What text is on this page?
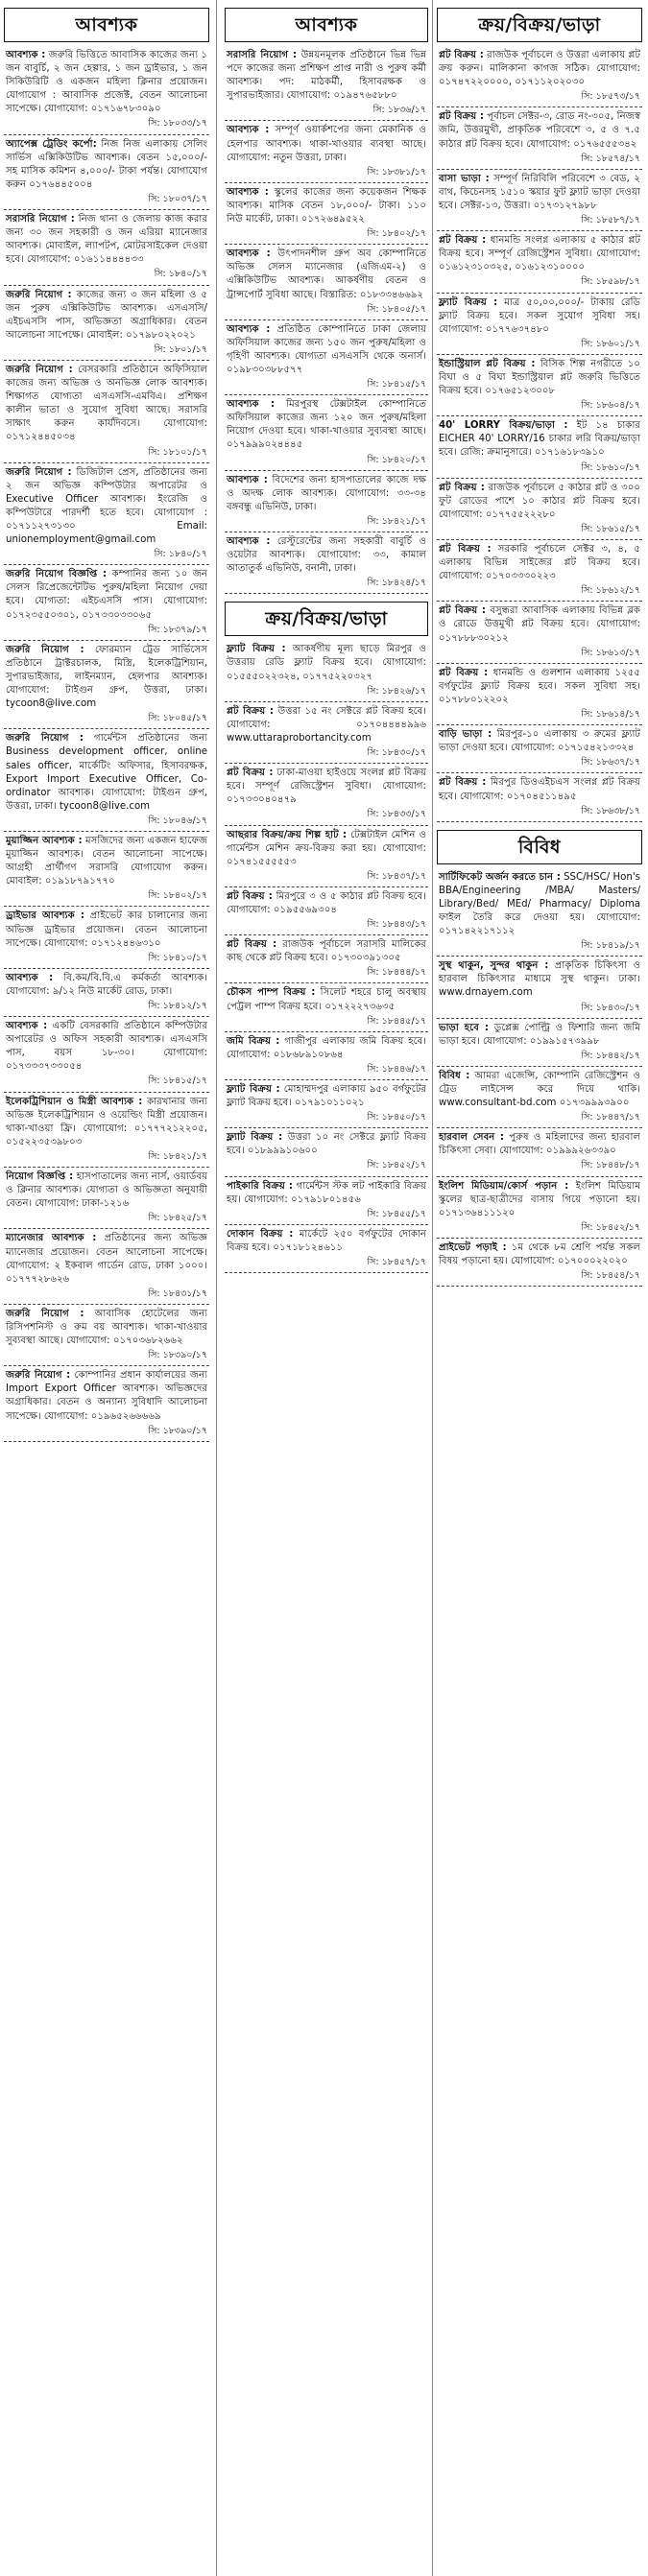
আবশ্যক
আবশ্যক : জরুরি ভিত্তিতে আবাসিক কাজের জন্য ১ জন বাবুর্চি, ২ জন হেল্পার, ১ জন ড্রাইভার, ১ জন সিকিউরিটি ও একজন মহিলা ক্লিনার প্রয়োজন। যোগাযোগ : আবাসিক প্রজেক্ট, বেতন আলোচনা সাপেক্ষে। যোগাযোগ: ০১৭১৬৭৮৩০৯০
সি: ১৮০৩৩/১৭
অ্যাপেক্স ট্রেডিং কর্পো: নিজ নিজ এলাকায় সেলিং সার্ভিস এক্সিকিউটিভ আবশ্যক। বেতন ১৫,০০০/- সহ মাসিক কমিশন ৪,০০০/- টাকা পর্যন্ত। যোগাযোগ করুন ০১৭৬৪৪৫০০৪
সি: ১৮০৩৭/১৭
সরাসরি নিয়োগ : নিজ থানা ও জেলায় কাজ করার জন্য ৩০ জন সহকারী ও জন এরিয়া ম্যানেজার আবশ্যক। মোবাইল, ল্যাপটপ, মোটরসাইকেল দেওয়া হবে। যোগাযোগ: ০১৬১১৪৪৪৪৩৩
সি: ১৮৪০/১৭
জরুরি নিয়োগ : কাজের জন্য ৩ জন মহিলা ও ৫ জন পুরুষ এক্সিকিউটিভ আবশ্যক। এসএসসি/এইচএসসি পাস, অভিজ্ঞতা অগ্রাধিকার। বেতন আলোচনা সাপেক্ষে। মোবাইল: ০১৭৯৮০২২০২১
সি: ১৮০১/১৭
জরুরি নিয়োগ : বেসরকারি প্রতিষ্ঠানে অফিসিয়াল কাজের জন্য অভিজ্ঞ ও অনভিজ্ঞ লোক আবশ্যক। শিক্ষাগত যোগ্যতা এসএসসি-এমবিএ। প্রশিক্ষণ কালীন ভাতা ও সুযোগ সুবিধা আছে। সরাসরি সাক্ষাৎ করুন কার্যদিবসে। যোগাযোগ: ০১৭১২৪৪৫০৩৪
সি: ১৮১০১/১৭
জরুরি নিয়োগ : ডিজিটাল প্রেস, প্রতিষ্ঠানের জন্য ২ জন অভিজ্ঞ কম্পিউটার অপারেটর ও Executive Officer আবশ্যক। ইংরেজি ও কম্পিউটারে পারদর্শী হতে হবে। যোগাযোগ : ০১৭১১২৭৩১৩০ Email: unionemployment@gmail.com
সি: ১৮৪০/১৭
জরুরি নিয়োগ বিজ্ঞপ্তি : কম্পানির জন্য ১০ জন সেলস রিপ্রেজেন্টেটিভ পুরুষ/মহিলা নিয়োগ দেয়া হবে। যোগ্যতা: এইচএসসি পাস। যোগাযোগ: ০১৭২৩৫৫০৩০১, ০১৭৩৩০৩৩০৬৫
সি: ১৮৩৭৯/১৭
জরুরি নিয়োগ : ফোরম্যান ট্রেড সার্ভিসেস প্রতিষ্ঠানে ট্রাক্টরচালক, মিস্ত্রি, ইলেকট্রিশিয়ান, সুপারভাইজার, লাইনম্যান, হেলপার আবশ্যক। যোগাযোগ: টাইগুন গ্রুপ, উত্তরা, ঢাকা। tycoon8@live.com
সি: ১৮০৪৫/১৭
জরুরি নিয়োগ : গার্মেন্টস প্রতিষ্ঠানের জন্য Business development officer, online sales officer, মার্কেটিং অফিসার, হিসাবরক্ষক, Export Import Executive Officer, Co-ordinator আবশ্যক। যোগাযোগ: টাইগুন গ্রুপ, উত্তরা, ঢাকা। tycoon8@live.com
সি: ১৮০৪৬/১৭
মুয়াজ্জিন আবশ্যক : মসজিদের জন্য একজন হাফেজ মুয়াজ্জিন আবশ্যক। বেতন আলোচনা সাপেক্ষে। আগ্রহী প্রার্থীগণ সরাসরি যোগাযোগ করুন। মোবাইল: ০১৯১৮৭৯১৭৭০
সি: ১৮৪০২/১৭
ড্রাইভার আবশ্যক : প্রাইভেট কার চালানোর জন্য অভিজ্ঞ ড্রাইভার প্রয়োজন। বেতন আলোচনা সাপেক্ষে। যোগাযোগ: ০১৭১২৪৪৬৩১০
সি: ১৮৪১০/১৭
আবশ্যক : বি.কম/বি.বি.এ কর্মকর্তা আবশ্যক। যোগাযোগ: ৯/১২ নিউ মার্কেট রোড, ঢাকা।
সি: ১৮৪১২/১৭
আবশ্যক : একটি বেসরকারি প্রতিষ্ঠানে কম্পিউটার অপারেটর ও অফিস সহকারী আবশ্যক। এসএসসি পাস, বয়স ১৮-৩০। যোগাযোগ: ০১৭৩৩৩৭৩৩০৫৪
সি: ১৮৪১৫/১৭
ইলেকট্রিশিয়ান ও মিস্ত্রী আবশ্যক : কারখানার জন্য অভিজ্ঞ ইলেকট্রিশিয়ান ও ওয়েল্ডিং মিস্ত্রী প্রয়োজন। থাকা-খাওয়া ফ্রি। যোগাযোগ: ০১৭৭৭২১২২০৫, ০১৫২২৩৫৩৯৮০৩
সি: ১৮৪২১/১৭
নিয়োগ বিজ্ঞপ্তি : হাসপাতালের জন্য নার্স, ওয়ার্ডবয় ও ক্লিনার আবশ্যক। যোগ্যতা ও অভিজ্ঞতা অনুযায়ী বেতন। যোগাযোগ: ঢাকা-১২১৬
সি: ১৮৪২৫/১৭
ম্যানেজার আবশ্যক : প্রতিষ্ঠানের জন্য অভিজ্ঞ ম্যানেজার প্রয়োজন। বেতন আলোচনা সাপেক্ষে। যোগাযোগ: ২ ইকবাল গার্ডেন রোড, ঢাকা ১০০০। ০১৭৭৭২৮৬২৬
সি: ১৮৪৩১/১৭
জরুরি নিয়োগ : আবাসিক হোটেলের জন্য রিসিপশনিস্ট ও রুম বয় আবশ্যক। থাকা-খাওয়ার সুব্যবস্থা আছে। যোগাযোগ: ০১৭০৩৬৮২৬৬২
সি: ১৮৩৯০/১৭
জরুরি নিয়োগ : কোম্পানির প্রধান কার্যালয়ের জন্য Import Export Officer আবশ্যক। অভিজ্ঞদের অগ্রাধিকার। বেতন ও অন্যান্য সুবিধাদি আলোচনা সাপেক্ষে। যোগাযোগ: ০১৯৬৫২৬৬৬৬৯
সি: ১৮৩৯০/১৭
আবশ্যক
সরাসরি নিয়োগ : উন্নয়নমূলক প্রতিষ্ঠানে ভিন্ন ভিন্ন পদে কাজের জন্য প্রশিক্ষণ প্রাপ্ত নারী ও পুরুষ কর্মী আবশ্যক। পদ: মাঠকর্মী, হিসাবরক্ষক ও সুপারভাইজার। যোগাযোগ: ০১৯৪৭৬৫৮৮০
সি: ১৮৩৬/১৭
আবশ্যক : সম্পূর্ণ ওয়ার্কশপের জন্য মেকানিক ও হেলপার আবশ্যক। থাকা-খাওয়ার ব্যবস্থা আছে। যোগাযোগ: নতুন উত্তরা, ঢাকা।
সি: ১৮৩৮১/১৭
আবশ্যক : স্কুলের কাজের জন্য কয়েকজন শিক্ষক আবশ্যক। মাসিক বেতন ১৮,০০০/- টাকা। ১১০ নিউ মার্কেট, ঢাকা। ০১৭২৬৪৯৫২২
সি: ১৮৪০২/১৭
আবশ্যক : উৎপাদনশীল গ্রুপ অব কোম্পানিতে অভিজ্ঞ সেলস ম্যানেজার (এজিএম-২) ও এক্সিকিউটিভ আবশ্যক। আকর্ষণীয় বেতন ও ট্রান্সপোর্ট সুবিধা আছে। বিস্তারিত: ০১৮৩৩৪৬৬৯২
সি: ১৮৪০৫/১৭
আবশ্যক : প্রতিষ্ঠিত কোম্পানিতে ঢাকা জেলায় অফিসিয়াল কাজের জন্য ১৫০ জন পুরুষ/মহিলা ও গৃহিণী আবশ্যক। যোগ্যতা এসএসসি থেকে অনার্স। ০১৯৮৩০৩৮৮৫৭৭
সি: ১৮৪১৫/১৭
আবশ্যক : মিরপুরস্থ টেক্সটাইল কোম্পানিতে অফিসিয়াল কাজের জন্য ১২০ জন পুরুষ/মহিলা নিয়োগ দেওয়া হবে। থাকা-খাওয়ার সুব্যবস্থা আছে। ০১৭৯৯৯০২৪৪৪৫
সি: ১৮৪২০/১৭
আবশ্যক : বিদেশের জন্য হাসপাতালের কাজে দক্ষ ও অদক্ষ লোক আবশ্যক। যোগাযোগ: ৩৩-৩৪ বঙ্গবন্ধু এভিনিউ, ঢাকা।
সি: ১৮৪২১/১৭
আবশ্যক : রেস্টুরেন্টের জন্য সহকারী বাবুর্চি ও ওয়েটার আবশ্যক। যোগাযোগ: ৩৩, কামাল আতাতুর্ক এভিনিউ, বনানী, ঢাকা।
সি: ১৮৪২৪/১৭
ক্রয়/বিক্রয়/ভাড়া
ফ্ল্যাট বিক্রয় : আকর্ষণীয় মূল্য ছাড়ে মিরপুর ও উত্তরায় রেডি ফ্ল্যাট বিক্রয় হবে। যোগাযোগ: ০১৫৫৫০২২৩২৪, ০১৭৭৫২২০৩২৭
সি: ১৮৪২৬/১৭
প্লট বিক্রয় : উত্তরা ১৫ নং সেক্টরে প্লট বিক্রয় হবে। যোগাযোগ: ০১৭০৪৪৪৪৯৯৬ www.uttaraprobortancity.com
সি: ১৮৪৩০/১৭
প্লট বিক্রয় : ঢাকা-মাওয়া হাইওয়ে সংলগ্ন প্লট বিক্রয় হবে। সম্পূর্ণ রেজিস্ট্রেশন সুবিধা। যোগাযোগ: ০১৭৩৩০৪০৪৭৯
সি: ১৮৪৩৩/১৭
আছরার বিক্রয়/ক্রয় শিল্প হাট : টেক্সটাইল মেশিন ও গার্মেন্টস মেশিন ক্রয়-বিক্রয় করা হয়। যোগাযোগ: ০১৭৪১৫৫৫৫৫৩
সি: ১৮৪৩৭/১৭
প্লট বিক্রয় : মিরপুরে ৩ ও ৫ কাঠার প্লট বিক্রয় হবে। যোগাযোগ: ০১৯৫৫৬৯৩০৪
সি: ১৮৪৪৩/১৭
প্লট বিক্রয় : রাজউক পূর্বাচলে সরাসরি মালিকের কাছ থেকে প্লট বিক্রয় হবে। ০১৭৩০৩৯১৩০৫
সি: ১৮৪৪৪/১৭
চৌকস পাম্প বিক্রয় : সিলেট শহরে চালু অবস্থায় পেট্রল পাম্প বিক্রয় হবে। ০১৭২২২৭৩৬৩৫
সি: ১৮৪৪৫/১৭
জমি বিক্রয় : গাজীপুর এলাকায় জমি বিক্রয় হবে। যোগাযোগ: ০১৮৬৮৯১০৮৬৪
সি: ১৮৪৪৬/১৭
ফ্ল্যাট বিক্রয় : মোহাম্মদপুর এলাকায় ৯৫০ বর্গফুটের ফ্ল্যাট বিক্রয় হবে। ০১৭৯১০১১০২১
সি: ১৮৪৫০/১৭
ফ্ল্যাট বিক্রয় : উত্তরা ১০ নং সেক্টরে ফ্ল্যাট বিক্রয় হবে। ০১৮৯৯৯১০৬০০
সি: ১৮৪৫২/১৭
পাইকারি বিক্রয় : গার্মেন্টস স্টক লট পাইকারি বিক্রয় হয়। যোগাযোগ: ০১৭৯১৮০১৪৫৬
সি: ১৮৪৫৫/১৭
দোকান বিক্রয় : মার্কেটে ২৫০ বর্গফুটের দোকান বিক্রয় হবে। ০১৭১৮১২৪৬১১
সি: ১৮৪৫৭/১৭
ক্রয়/বিক্রয়/ভাড়া
প্লট বিক্রয় : রাজউক পূর্বাচলে ও উত্তরা এলাকায় প্লট ক্রয় করুন। মালিকানা কাগজ সঠিক। যোগাযোগ: ০১৭৪৭২২০০০০, ০১৭১১২০২০৩০
সি: ১৮৫৭৩/১৭
প্লট বিক্রয় : পূর্বাচল সেক্টর-৩, রোড নং-৩০৫, নিজস্ব জমি, উত্তরমুখী, প্রাকৃতিক পরিবেশে ৩, ৫ ও ৭.৫ কাঠার প্লট বিক্রয় হবে। যোগাযোগ: ০১৭৬৫৫৫৩৪২
সি: ১৮৫৭৪/১৭
বাসা ভাড়া : সম্পূর্ণ নিরিবিলি পরিবেশে ৩ বেড, ২ বাথ, কিচেনসহ ১৫১০ স্কয়ার ফুট ফ্ল্যাট ভাড়া দেওয়া হবে। সেক্টর-১৩, উত্তরা। ০১৭৩১২৭৯৮৮
সি: ১৮৫৮৭/১৭
প্লট বিক্রয় : ধানমন্ডি সংলগ্ন এলাকায় ৫ কাঠার প্লট বিক্রয় হবে। সম্পূর্ণ রেজিস্ট্রেশন সুবিধা। যোগাযোগ: ০১৬১২৩১০৩২৫, ০১৬১২৩১০০০০
সি: ১৮৫৯৮/১৭
ফ্ল্যাট বিক্রয় : মাত্র ৫০,০০,০০০/- টাকায় রেডি ফ্ল্যাট বিক্রয় হবে। সকল সুযোগ সুবিধা সহ। যোগাযোগ: ০১৭৭৬৩৭৪৮০
সি: ১৮৬০১/১৭
ইন্ডাস্ট্রিয়াল প্লট বিক্রয় : বিসিক শিল্প নগরীতে ১০ বিঘা ও ৫ বিঘা ইন্ডাস্ট্রিয়াল প্লট জরুরি ভিত্তিতে বিক্রয় হবে। ০১৭৬৫১২৩০০৮
সি: ১৮৬০৪/১৭
40' LORRY বিক্রয়/ভাড়া : ইট ১৪ চাকার EICHER 40' LORRY/16 চাকার লরি বিক্রয়/ভাড়া হবে। রেজি: ক্রমানুসারে। ০১৭১৬১৮৩৯১০
সি: ১৮৬১০/১৭
প্লট বিক্রয় : রাজউক পূর্বাচলে ৫ কাঠার প্লট ও ৩০০ ফুট রোডের পাশে ১০ কাঠার প্লট বিক্রয় হবে। যোগাযোগ: ০১৭৭৫৫২২২৮০
সি: ১৮৬১৫/১৭
প্লট বিক্রয় : সরকারি পূর্বাচলে সেক্টর ৩, ৪, ৫ এলাকায় বিভিন্ন সাইজের প্লট বিক্রয় হবে। যোগাযোগ: ০১৭০৩৩৩০২২৩
সি: ১৮৬১২/১৭
প্লট বিক্রয় : বসুন্ধরা আবাসিক এলাকায় বিভিন্ন ব্লক ও রোডে উত্তমুখী প্লট বিক্রয় হবে। যোগাযোগ: ০১৭৮৮৮৩০২১২
সি: ১৮৬১৩/১৭
প্লট বিক্রয় : ধানমন্ডি ও গুলশান এলাকায় ১২৫৫ বর্গফুটের ফ্ল্যাট বিক্রয় হবে। সকল সুবিধা সহ। ০১৭৮৮০১২২০২
সি: ১৮৬১৪/১৭
বাড়ি ভাড়া : মিরপুর-১০ এলাকায় ৩ রুমের ফ্ল্যাট ভাড়া দেওয়া হবে। যোগাযোগ: ০১৭১৫৪২১৩৩২৪
সি: ১৮৬৩৭/১৭
প্লট বিক্রয় : মিরপুর ডিওএইচএস সংলগ্ন প্লট বিক্রয় হবে। যোগাযোগ: ০১৭০৪৫১১৪৯৫
সি: ১৮৬৩৮/১৭
বিবিধ
সার্টিফিকেট অর্জন করতে চান : SSC/HSC/ Hon's BBA/Engineering /MBA/ Masters/ Library/Bed/ MEd/ Pharmacy/ Diploma ফাইল তৈরি করে দেওয়া হয়। যোগাযোগ: ০১৭১৪২২১৭১১২
সি: ১৮৪১৯/১৭
সুস্থ থাকুন, সুন্দর থাকুন : প্রাকৃতিক চিকিৎসা ও হারবাল চিকিৎসার মাধ্যমে সুস্থ থাকুন। ঢাকা। www.drnayem.com
সি: ১৮৪৩০/১৭
ভাড়া হবে : ডুপ্লেক্স পোল্ট্রি ও ফিশারি জন্য জমি ভাড়া হবে। যোগাযোগ: ০১৯৯১৫৭৩৯৯৮
সি: ১৮৪৪২/১৭
বিবিধ : আমরা এজেন্সি, কোম্পানি রেজিস্ট্রেশন ও ট্রেড লাইসেন্স করে দিয়ে থাকি। www.consultant-bd.com ০১৭৩৯৯৯৩৯০০
সি: ১৮৪৪৭/১৭
হারবাল সেবন : পুরুষ ও মহিলাদের জন্য হারবাল চিকিৎসা সেবা। যোগাযোগ: ০১৯৯৯২৬৩৩৯০
সি: ১৮৪৪৮/১৭
ইংলিশ মিডিয়াম/কোর্স পড়ান : ইংলিশ মিডিয়াম স্কুলের ছাত্র-ছাত্রীদের বাসায় গিয়ে পড়ানো হয়। ০১৭১৩৬৪১১১২০
সি: ১৮৪৫২/১৭
প্রাইভেট পড়াই : ১ম থেকে ৮ম শ্রেণি পর্যন্ত সকল বিষয় পড়ানো হয়। যোগাযোগ: ০১৭০০০২২০২০
সি: ১৮৪৫৪/১৭
